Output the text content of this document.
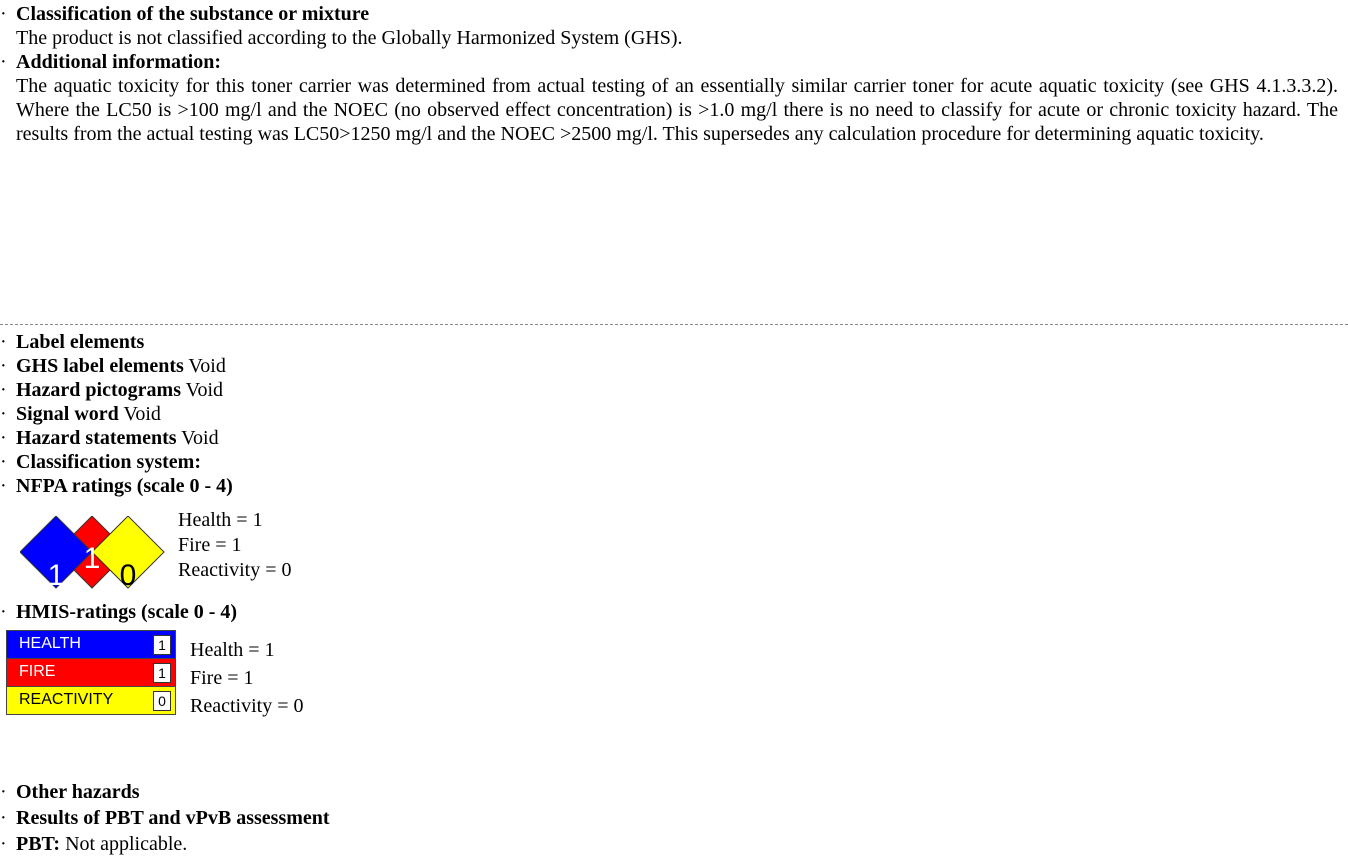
· Classification of the substance or mixture
The product is not classified according to the Globally Harmonized System (GHS).
· Additional information:
The aquatic toxicity for this toner carrier was determined from actual testing of an essentially similar carrier toner for acute aquatic toxicity (see GHS 4.1.3.3.2). Where the LC50 is >100 mg/l and the NOEC (no observed effect concentration) is >1.0 mg/l there is no need to classify for acute or chronic toxicity hazard. The results from the actual testing was LC50>1250 mg/l and the NOEC >2500 mg/l. This supersedes any calculation procedure for determining aquatic toxicity.
· Label elements
· GHS label elements Void
· Hazard pictograms Void
· Signal word Void
· Hazard statements Void
· Classification system:
· NFPA ratings (scale 0 - 4)
1
1 0
Health = 1
Fire = 1
Reactivity = 0
· HMIS-ratings (scale 0 - 4)
HEALTH	1
FIRE	1
REACTIVITY	0
Health = 1
Fire = 1
Reactivity = 0
· Other hazards
· Results of PBT and vPvB assessment
· PBT: Not applicable.
